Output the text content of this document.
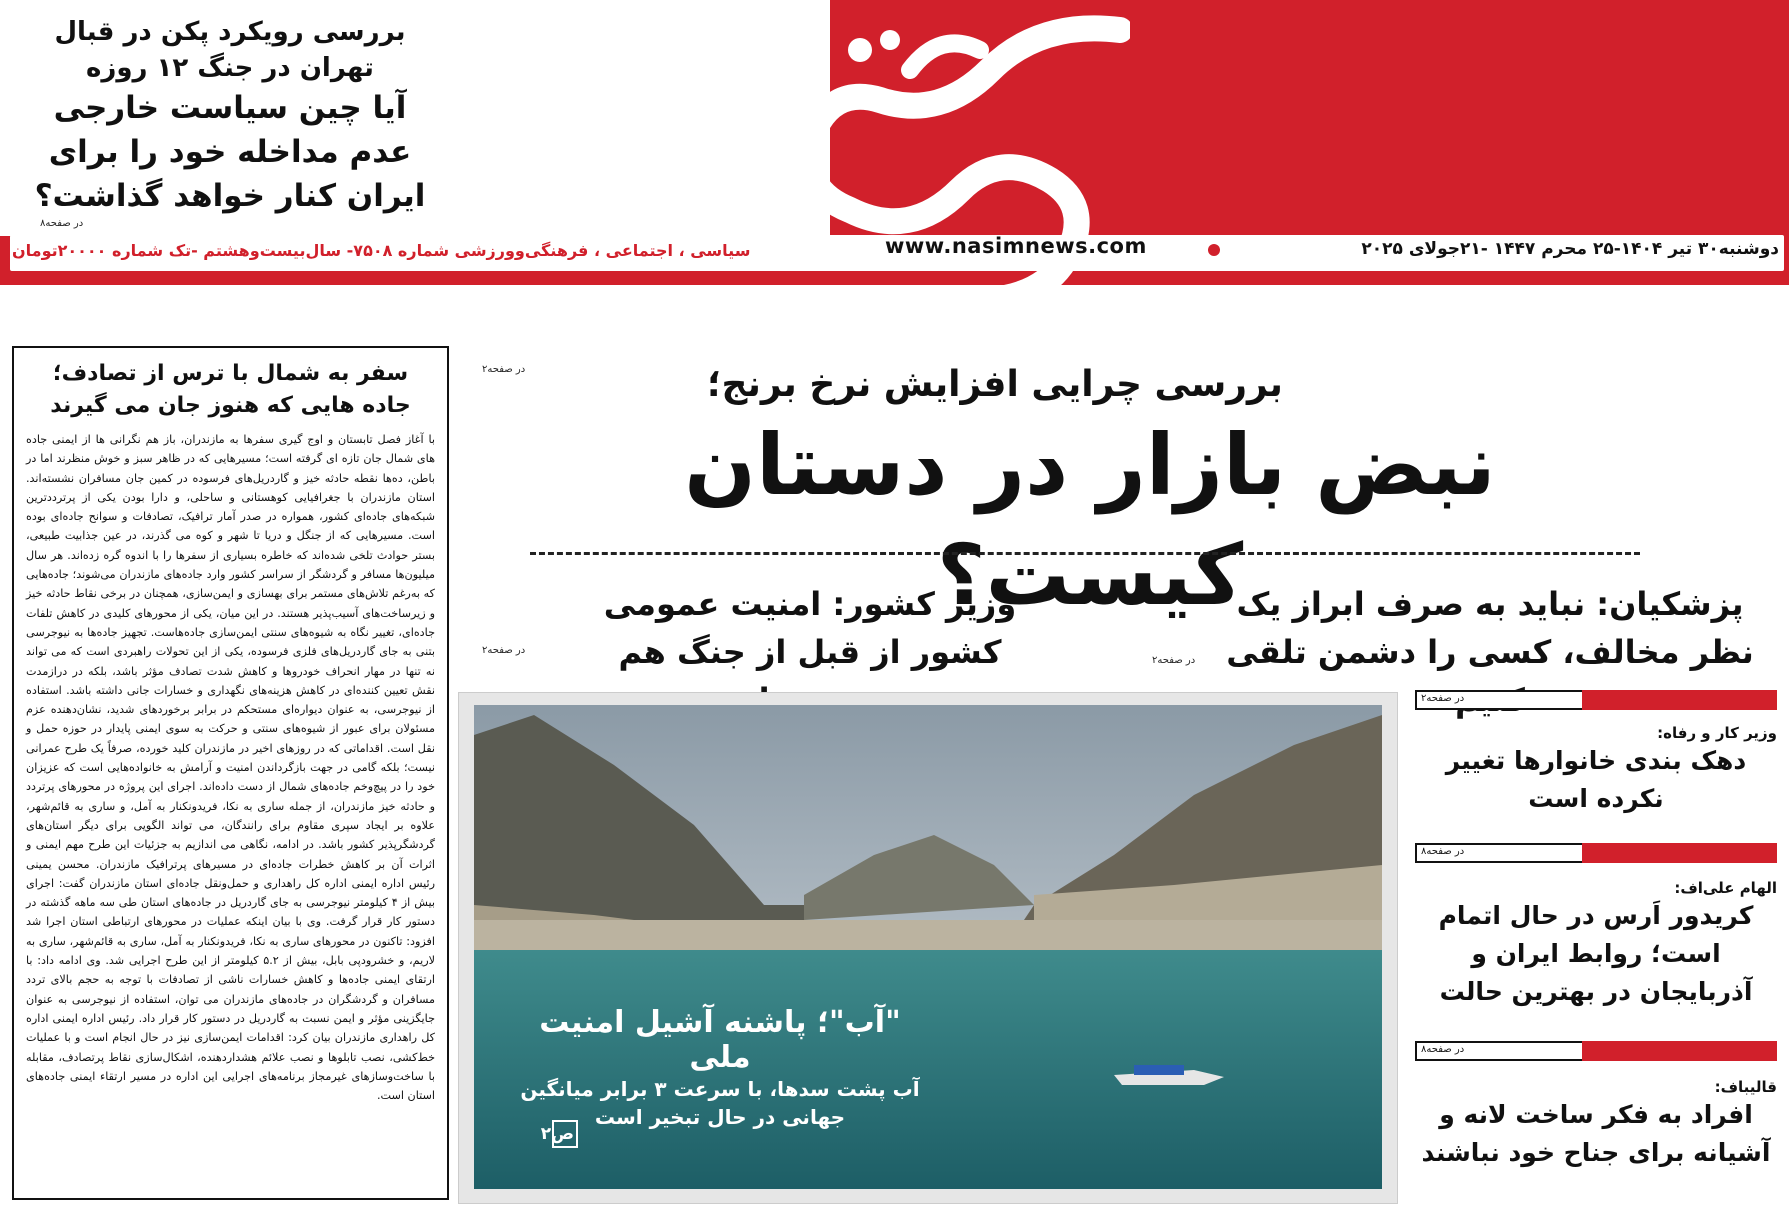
بررسی رویکرد پکن در قبال تهران در جنگ ۱۲ روزه
آیا چین سیاست خارجی عدم مداخله خود را برای ایران کنار خواهد گذاشت؟
در صفحه۸
دوشنبه۳۰ تیر ۱۴۰۴-۲۵ محرم ۱۴۴۷ -۲۱جولای ۲۰۲۵
www.nasimnews.com
سیاسی ، اجتماعی ، فرهنگی‌وورزشی شماره ۷۵۰۸- سال‌بیست‌وهشتم -تک شماره ۲۰۰۰۰تومان
روزنامه صبح ایران
سفر به شمال با ترس از تصادف؛
جاده هایی که هنوز جان می گیرند
با آغاز فصل تابستان و اوج گیری سفرها به مازندران، باز هم نگرانی ها از ایمنی جاده های شمال جان تازه ای گرفته است؛ مسیرهایی که در ظاهر سبز و خوش منظرند اما در باطن، ده‌ها نقطه حادثه خیز و گاردریل‌های فرسوده در کمین جان مسافران نشسته‌اند. استان مازندران با جغرافیایی کوهستانی و ساحلی، و دارا بودن یکی از پرترددترین شبکه‌های جاده‌ای کشور، همواره در صدر آمار ترافیک، تصادفات و سوانح جاده‌ای بوده است. مسیرهایی که از جنگل و دریا تا شهر و کوه می گذرند، در عین جذابیت طبیعی، بستر حوادث تلخی شده‌اند که خاطره بسیاری از سفرها را با اندوه گره زده‌اند. هر سال میلیون‌ها مسافر و گردشگر از سراسر کشور وارد جاده‌های مازندران می‌شوند؛ جاده‌هایی که به‌رغم تلاش‌های مستمر برای بهسازی و ایمن‌سازی، همچنان در برخی نقاط حادثه خیز و زیرساخت‌های آسیب‌پذیر هستند. در این میان، یکی از محورهای کلیدی در کاهش تلفات جاده‌ای، تغییر نگاه به شیوه‌های سنتی ایمن‌سازی جاده‌هاست. تجهیز جاده‌ها به نیوجرسی بتنی به جای گاردریل‌های فلزی فرسوده، یکی از این تحولات راهبردی است که می تواند نه تنها در مهار انحراف خودروها و کاهش شدت تصادف مؤثر باشد، بلکه در درازمدت نقش تعیین کننده‌ای در کاهش هزینه‌های نگهداری و خسارات جانی داشته باشد. استفاده از نیوجرسی، به عنوان دیواره‌ای مستحکم در برابر برخوردهای شدید، نشان‌دهنده عزم مسئولان برای عبور از شیوه‌های سنتی و حرکت به سوی ایمنی پایدار در حوزه حمل و نقل است. اقداماتی که در روزهای اخیر در مازندران کلید خورده، صرفاً یک طرح عمرانی نیست؛ بلکه گامی در جهت بازگرداندن امنیت و آرامش به خانواده‌هایی است که عزیزان خود را در پیچ‌وخم جاده‌های شمال از دست داده‌اند. اجرای این پروژه در محورهای پرتردد و حادثه خیز مازندران، از جمله ساری به نکا، فریدونکنار به آمل، و ساری به قائم‌شهر، علاوه بر ایجاد سپری مقاوم برای رانندگان، می تواند الگویی برای دیگر استان‌های گردشگرپذیر کشور باشد. در ادامه، نگاهی می اندازیم به جزئیات این طرح مهم ایمنی و اثرات آن بر کاهش خطرات جاده‌ای در مسیرهای پرترافیک مازندران. محسن یمینی رئیس اداره ایمنی اداره کل راهداری و حمل‌ونقل جاده‌ای استان مازندران گفت: اجرای بیش از ۴ کیلومتر نیوجرسی به جای گاردریل در جاده‌های استان طی سه ماهه گذشته در دستور کار قرار گرفت. وی با بیان اینکه عملیات در محورهای ارتباطی استان اجرا شد افزود: تاکنون در محورهای ساری به نکا، فریدونکنار به آمل، ساری به قائم‌شهر، ساری به لاریم، و خشرودپی بابل، بیش از ۵.۲ کیلومتر از این طرح اجرایی شد. وی ادامه داد: با ارتقای ایمنی جاده‌ها و کاهش خسارات ناشی از تصادفات با توجه به حجم بالای تردد مسافران و گردشگران در جاده‌های مازندران می توان، استفاده از نیوجرسی به عنوان جایگزینی مؤثر و ایمن نسبت به گاردریل در دستور کار قرار داد. رئیس اداره ایمنی اداره کل راهداری مازندران بیان کرد: اقدامات ایمن‌سازی نیز در حال انجام است و با عملیات خط‌کشی، نصب تابلوها و نصب علائم هشداردهنده، اشکال‌سازی نقاط پرتصادف، مقابله با ساخت‌وسازهای غیرمجاز برنامه‌های اجرایی این اداره در مسیر ارتقاء ایمنی جاده‌های استان است.
در صفحه۲	بررسی چرایی افزایش نرخ برنج؛
نبض بازار در دستان کیست؟	پزشکیان: نباید به صرف ابراز یک نظر مخالف، کسی را دشمن تلقی
در صفحه۲
وزیر کشور: امنیت عمومی کشور از قبل از جنگ هم
در صفحه۲
"آب"؛ پاشنه آشیل امنیت ملی
آب پشت سدها، با سرعت ۳ برابر میانگین جهانی در حال تبخیر است
ص۲
در صفحه۲
وزیر کار و رفاه:
دهک بندی خانوارها تغییر نکرده است
در صفحه۸
الهام علی‌اف:
کریدور اَرس در حال اتمام است؛ روابط ایران و آذربایجان در بهترین حالت
در صفحه۸
قالیباف:
افراد به فکر ساخت لانه و آشیانه برای جناح خود نباشند
